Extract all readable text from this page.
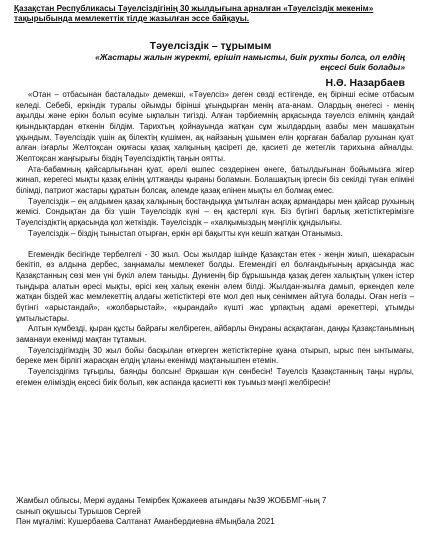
Қазақстан Республикасы Тәуелсіздігінің 30 жылдығына арналған «Тәуелсіздік мекенім» тақырыбында мемлекеттік тілде жазылған эссе байқауы.
Тәуелсіздік – тұрымым
«Жастары жалын жүректі, ерішіп намысты, биік рухты болса, ол елдің еңсесі биік болады»
Н.Ә. Назарбаев

«Отан – отбасынан басталады» демекші, «Тәуелсіз» деген сөзді естігенде, ең бірінші есіме отбасым келеді. Себебі, еркіндік туралы ойымды бірінші ұғындырған менің ата-анам. Олардың өнегесі - менің ақылды және ерікн болып өсуіме ықпалын тигізді. Алған тәрбиемнің арқасында тәуелсіз елімнің қандай қиындықтардан өткенін білдім. Тарихтың қойнауында жатқан сұм жылдардың азабы мен машақатын ұқындым. Тәуелсіздік үшін ақ білектің күшімен, ақ найзаның ұшымен елін қорғаған бабалар рухынан қуат алған ізғарлы Желтоқсан оқиғасы қазақ халқының қасіреті де, қасиеті де жетеглік тарихына айналды. Желтоқсан жаңғырығы біздің Тәуелсіздіктің таңын оятты.

Ата-бабамның қайсарлығынан қуат, әрелі өшпес сөздерінен өнеге, батылдығынан бойымызға жігер жинап, керегесі мықты қазақ елінің ұлтжанды қыраны боламын. Болашақтың іргесін біз секілді түған еліміні білімді, патриот жастары құратын болсақ, әлемде қазақ елінен мықты ел болмақ емес.

Тәуелсіздік – ең алдымен қазақ халқының бостандыққа ұмтылған асқақ армандары мен қайсар рухының жемісі. Сондықтан да біз үшін Тәуелсіздік күні – ең қастерлі күн. Біз бүгінгі барлық жетістіктерімізге Тәуелсіздіктің арқасында қол жеткіздік. Тәуелсіздік – «халқымыздың мәңгілік құндылығы.

Тәуелсіздік – біздің тыныстап отырған, еркін әрі бақытты күн кешіп жатқан Отанымыз.

Егемендік бесігінде тербелгелі - 30 жыл. Осы жылдар ішінде Қазақстан етек - жеңін жиып, шекарасын бекітіп, өз алдына дербес, заңнамалы мемлекет болды. Егемендігі ел болғандығының арқасында жас Қазақстанның сөзі мен үні бүкіл әлем таныды. Дүниенің бір бұрышында қазақ деген халықтың үлкен істер тыңдыра алатын өресі мықты, өрісі кең халық екенін әлем білді. Жылдан-жылға дамып, өркендеп келе жатқан біздей жас мемлекеттің алдағы жетістіктері өте мол деп нық сеніммен айтуға болады. Оған негіз – бүгінгі «арыстандай», «жолбарыстай», «қырандай» күшті жас ұрпақтың адамі әрекеттері, ұтымды ұмтылыстары.

Алтын күмбезді, қыран құсты байрағы желбіреген, айбарлы Әнұраны асқақтаған, даңқы Қазақстанымның заманауи екенімді мақтан тұтамын.

Тәуелсіздігімздің 30 жыл бойы басқылан өткерген жетістіктеріне қуана отырып, ырыс пен ынтымағы, береке мен бірлігі жарасқан елдің ұланы екенімді мақтанышпен етемін.

Тәуелсіздігімз тұғырлы, баянды болсын! Әрқашан күн сөнбесін! Тәуелсіз Қазақстанның таңы нұрлы, егемен еліміздің еңсесі биік болып, көк аспанда қасиетті көк туымыз мәңгі желбіресін!

Жамбыл облысы, Меркі ауданы Темірбек Қожакеев атындағы №39 ЖОББМГ-ның 7
сынып оқушысы Турышов Сергей
Пән мұғалімі: Кушербаева Салтанат Аманбердиевна #Мыңбала 2021
